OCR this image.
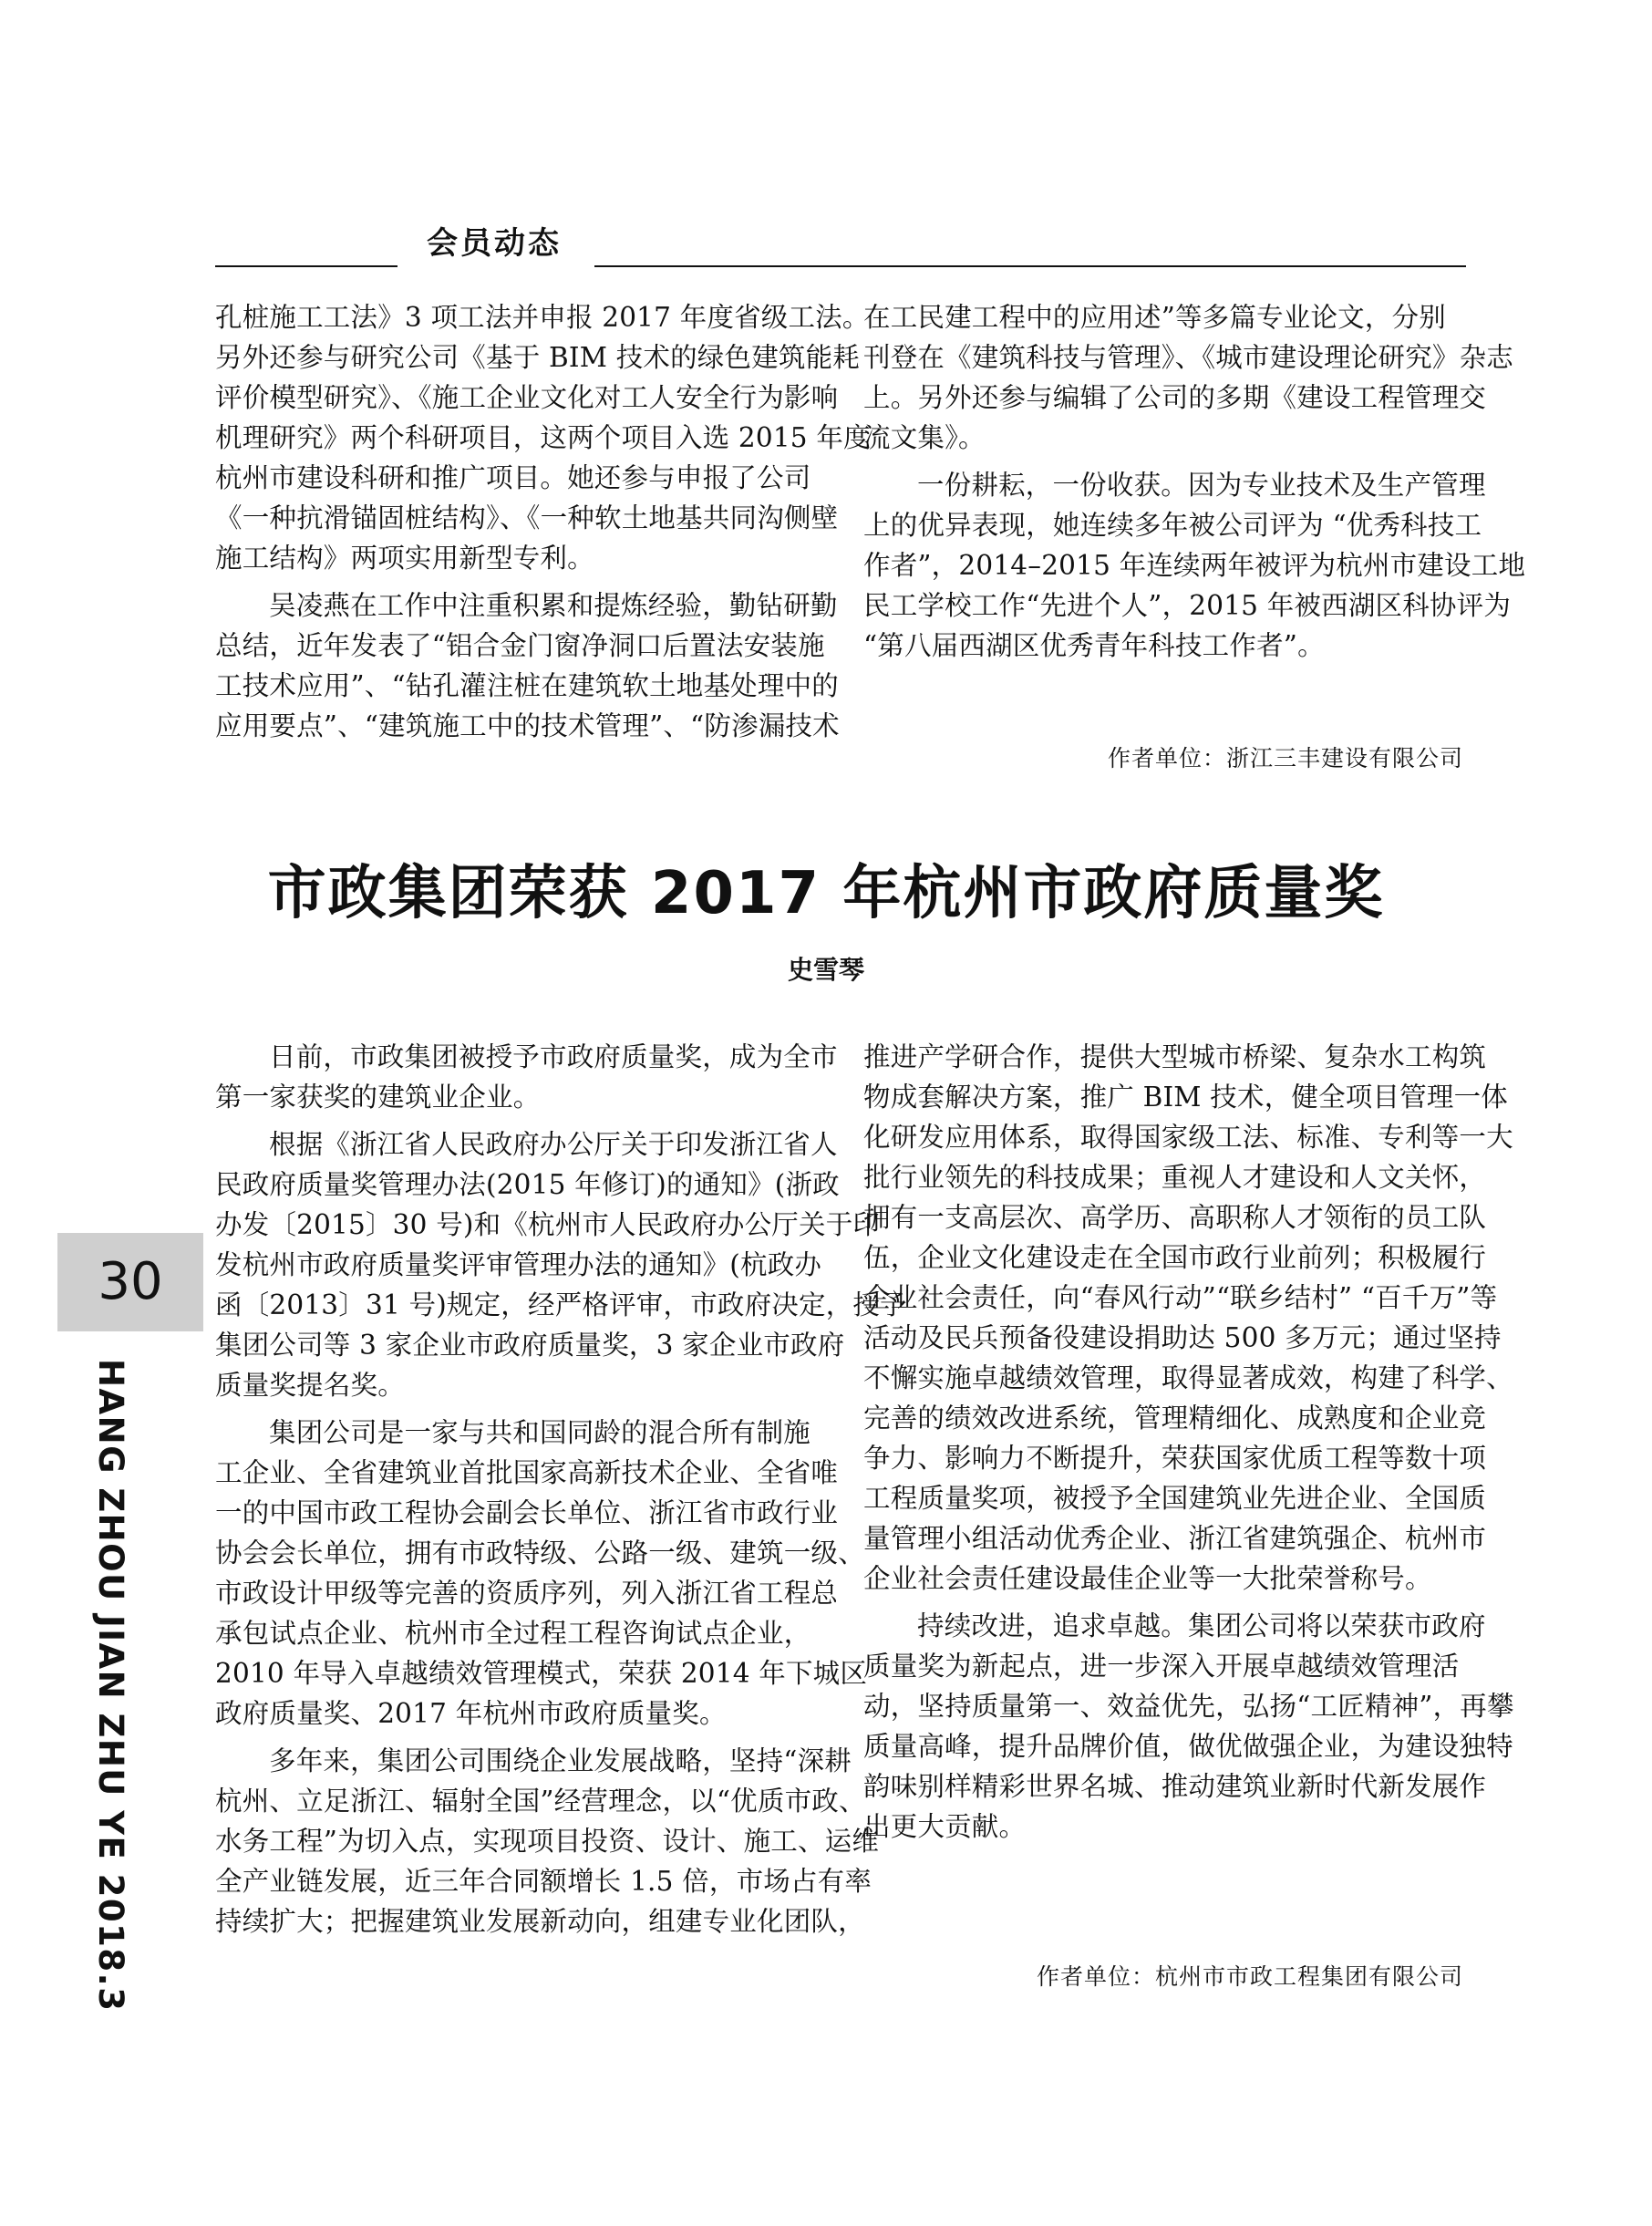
会员动态

孔桩施工工法》3 项工法并申报 2017 年度省级工法。
另外还参与研究公司《基于 BIM 技术的绿色建筑能耗
评价模型研究》、《施工企业文化对工人安全行为影响
机理研究》两个科研项目，这两个项目入选 2015 年度
杭州市建设科研和推广项目。她还参与申报了公司
《一种抗滑锚固桩结构》、《一种软土地基共同沟侧壁
施工结构》两项实用新型专利。

吴凌燕在工作中注重积累和提炼经验，勤钻研勤
总结，近年发表了“铝合金门窗净洞口后置法安装施
工技术应用”、“钻孔灌注桩在建筑软土地基处理中的
应用要点”、“建筑施工中的技术管理”、“防渗漏技术

在工民建工程中的应用述”等多篇专业论文，分别
刊登在《建筑科技与管理》、《城市建设理论研究》杂志
上。另外还参与编辑了公司的多期《建设工程管理交
流文集》。

一份耕耘，一份收获。因为专业技术及生产管理
上的优异表现，她连续多年被公司评为 “优秀科技工
作者”，2014–2015 年连续两年被评为杭州市建设工地
民工学校工作“先进个人”，2015 年被西湖区科协评为
“第八届西湖区优秀青年科技工作者”。

作者单位：浙江三丰建设有限公司
市政集团荣获 2017 年杭州市政府质量奖
史雪琴

日前，市政集团被授予市政府质量奖，成为全市
第一家获奖的建筑业企业。

根据《浙江省人民政府办公厅关于印发浙江省人
民政府质量奖管理办法(2015 年修订)的通知》(浙政
办发〔2015〕30 号)和《杭州市人民政府办公厅关于印
发杭州市政府质量奖评审管理办法的通知》(杭政办
函〔2013〕31 号)规定，经严格评审，市政府决定，授予
集团公司等 3 家企业市政府质量奖，3 家企业市政府
质量奖提名奖。

集团公司是一家与共和国同龄的混合所有制施
工企业、全省建筑业首批国家高新技术企业、全省唯
一的中国市政工程协会副会长单位、浙江省市政行业
协会会长单位，拥有市政特级、公路一级、建筑一级、
市政设计甲级等完善的资质序列，列入浙江省工程总
承包试点企业、杭州市全过程工程咨询试点企业，
2010 年导入卓越绩效管理模式，荣获 2014 年下城区
政府质量奖、2017 年杭州市政府质量奖。

多年来，集团公司围绕企业发展战略，坚持“深耕
杭州、立足浙江、辐射全国”经营理念，以“优质市政、
水务工程”为切入点，实现项目投资、设计、施工、运维
全产业链发展，近三年合同额增长 1.5 倍，市场占有率
持续扩大；把握建筑业发展新动向，组建专业化团队，

推进产学研合作，提供大型城市桥梁、复杂水工构筑
物成套解决方案，推广 BIM 技术，健全项目管理一体
化研发应用体系，取得国家级工法、标准、专利等一大
批行业领先的科技成果；重视人才建设和人文关怀，
拥有一支高层次、高学历、高职称人才领衔的员工队
伍，企业文化建设走在全国市政行业前列；积极履行
企业社会责任，向“春风行动”“联乡结村” “百千万”等
活动及民兵预备役建设捐助达 500 多万元；通过坚持
不懈实施卓越绩效管理，取得显著成效，构建了科学、
完善的绩效改进系统，管理精细化、成熟度和企业竞
争力、影响力不断提升，荣获国家优质工程等数十项
工程质量奖项，被授予全国建筑业先进企业、全国质
量管理小组活动优秀企业、浙江省建筑强企、杭州市
企业社会责任建设最佳企业等一大批荣誉称号。

持续改进，追求卓越。集团公司将以荣获市政府
质量奖为新起点，进一步深入开展卓越绩效管理活
动，坚持质量第一、效益优先，弘扬“工匠精神”，再攀
质量高峰，提升品牌价值，做优做强企业，为建设独特
韵味别样精彩世界名城、推动建筑业新时代新发展作
出更大贡献。

作者单位：杭州市市政工程集团有限公司
30
HANG ZHOU JIAN ZHU YE 2018.3
